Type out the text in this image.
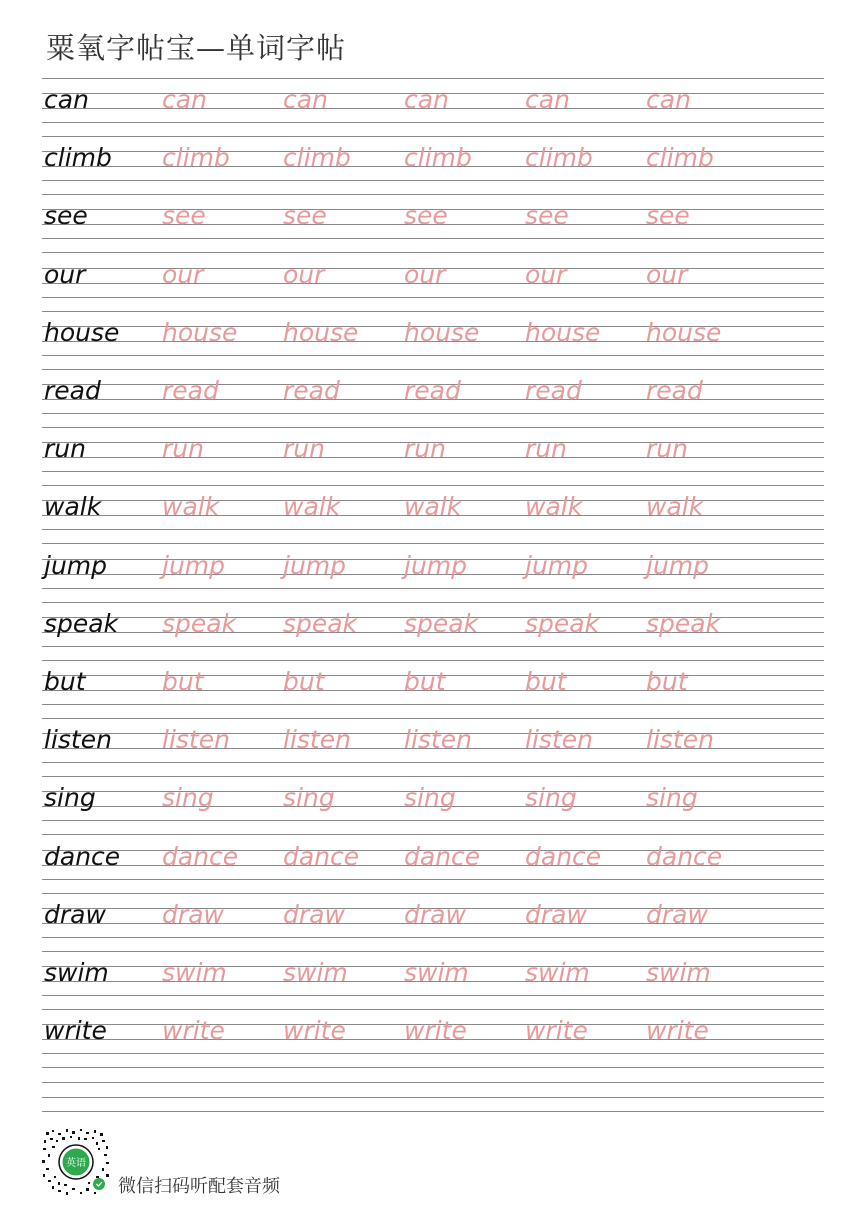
粟氧字帖宝—单词字帖
can	can	can	can	can	can
climb climb climb climb climb climb
see	see	see	see	see	see
our	our	our	our	our	our
house house house house house house
read read	read	read	read	read
run	run	run	run	run	run
walk walk	walk	walk	walk	walk
jump jump jump jump jump jump
speak speak speak speak speak speak
but	but	but	but	but	but
listen listen listen listen listen listen
sing	sing	sing	sing	sing	sing
dance dance dance dance dance dance
draw draw draw draw draw draw
swim swim swim swim swim swim
write write write write write write
英语
微信扫码听配套音频
